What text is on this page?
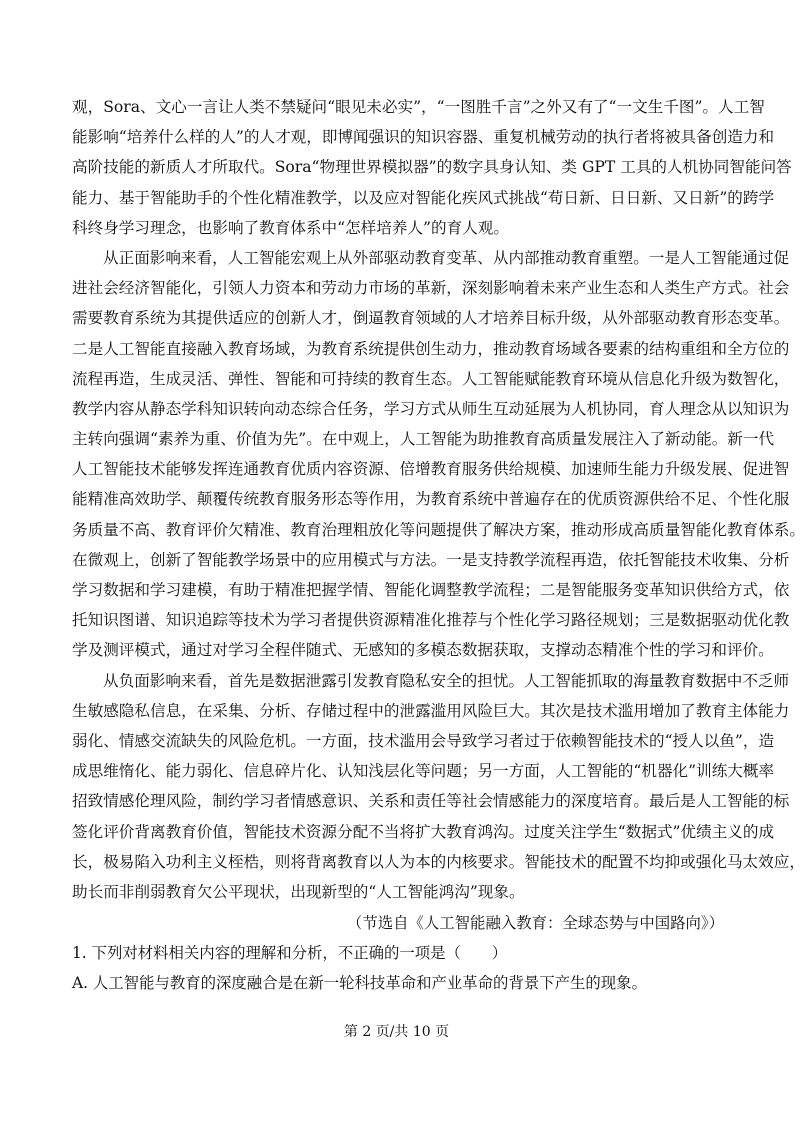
观，Sora、文心一言让人类不禁疑问“眼见未必实”，“一图胜千言”之外又有了“一文生千图”。人工智
能影响“培养什么样的人”的人才观，即博闻强识的知识容器、重复机械劳动的执行者将被具备创造力和
高阶技能的新质人才所取代。Sora“物理世界模拟器”的数字具身认知、类 GPT 工具的人机协同智能问答
能力、基于智能助手的个性化精准教学，以及应对智能化疾风式挑战“苟日新、日日新、又日新”的跨学
科终身学习理念，也影响了教育体系中“怎样培养人”的育人观。
从正面影响来看，人工智能宏观上从外部驱动教育变革、从内部推动教育重塑。一是人工智能通过促
进社会经济智能化，引领人力资本和劳动力市场的革新，深刻影响着未来产业生态和人类生产方式。社会
需要教育系统为其提供适应的创新人才，倒逼教育领域的人才培养目标升级，从外部驱动教育形态变革。
二是人工智能直接融入教育场域，为教育系统提供创生动力，推动教育场域各要素的结构重组和全方位的
流程再造，生成灵活、弹性、智能和可持续的教育生态。人工智能赋能教育环境从信息化升级为数智化，
教学内容从静态学科知识转向动态综合任务，学习方式从师生互动延展为人机协同，育人理念从以知识为
主转向强调“素养为重、价值为先”。在中观上，人工智能为助推教育高质量发展注入了新动能。新一代
人工智能技术能够发挥连通教育优质内容资源、倍增教育服务供给规模、加速师生能力升级发展、促进智
能精准高效助学、颠覆传统教育服务形态等作用，为教育系统中普遍存在的优质资源供给不足、个性化服
务质量不高、教育评价欠精准、教育治理粗放化等问题提供了解决方案，推动形成高质量智能化教育体系。
在微观上，创新了智能教学场景中的应用模式与方法。一是支持教学流程再造，依托智能技术收集、分析
学习数据和学习建模，有助于精准把握学情、智能化调整教学流程；二是智能服务变革知识供给方式，依
托知识图谱、知识追踪等技术为学习者提供资源精准化推荐与个性化学习路径规划；三是数据驱动优化教
学及测评模式，通过对学习全程伴随式、无感知的多模态数据获取，支撑动态精准个性的学习和评价。
从负面影响来看，首先是数据泄露引发教育隐私安全的担忧。人工智能抓取的海量教育数据中不乏师
生敏感隐私信息，在采集、分析、存储过程中的泄露滥用风险巨大。其次是技术滥用增加了教育主体能力
弱化、情感交流缺失的风险危机。一方面，技术滥用会导致学习者过于依赖智能技术的“授人以鱼”，造
成思维惰化、能力弱化、信息碎片化、认知浅层化等问题；另一方面，人工智能的“机器化”训练大概率
招致情感伦理风险，制约学习者情感意识、关系和责任等社会情感能力的深度培育。最后是人工智能的标
签化评价背离教育价值，智能技术资源分配不当将扩大教育鸿沟。过度关注学生“数据式”优绩主义的成
长，极易陷入功利主义桎梏，则将背离教育以人为本的内核要求。智能技术的配置不均抑或强化马太效应，
助长而非削弱教育欠公平现状，出现新型的“人工智能鸿沟”现象。
（节选自《人工智能融入教育：全球态势与中国路向》）
1. 下列对材料相关内容的理解和分析，不正确的一项是（　　）
A. 人工智能与教育的深度融合是在新一轮科技革命和产业革命的背景下产生的现象。
第 2 页/共 10 页
